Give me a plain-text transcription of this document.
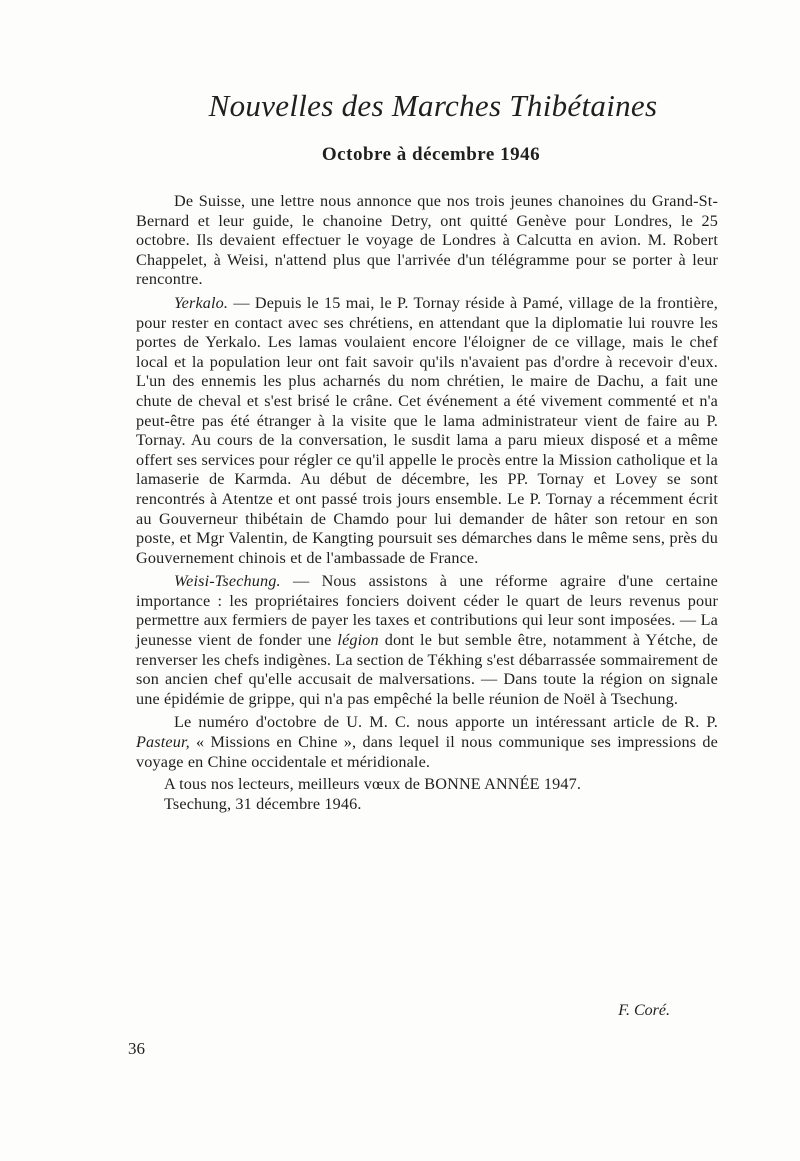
Nouvelles des Marches Thibétaines
Octobre à décembre 1946

De Suisse, une lettre nous annonce que nos trois jeunes chanoines du Grand-St-Bernard et leur guide, le chanoine Detry, ont quitté Genève pour Londres, le 25 octobre. Ils devaient effectuer le voyage de Londres à Calcutta en avion. M. Robert Chappelet, à Weisi, n'attend plus que l'arrivée d'un télégramme pour se porter à leur rencontre.

Yerkalo. — Depuis le 15 mai, le P. Tornay réside à Pamé, village de la frontière, pour rester en contact avec ses chrétiens, en attendant que la diplomatie lui rouvre les portes de Yerkalo. Les lamas voulaient encore l'éloigner de ce village, mais le chef local et la population leur ont fait savoir qu'ils n'avaient pas d'ordre à recevoir d'eux. L'un des ennemis les plus acharnés du nom chrétien, le maire de Dachu, a fait une chute de cheval et s'est brisé le crâne. Cet événement a été vivement commenté et n'a peut-être pas été étranger à la visite que le lama administrateur vient de faire au P. Tornay. Au cours de la conversation, le susdit lama a paru mieux disposé et a même offert ses services pour régler ce qu'il appelle le procès entre la Mission catholique et la lamaserie de Karmda. Au début de décembre, les PP. Tornay et Lovey se sont rencontrés à Atentze et ont passé trois jours ensemble. Le P. Tornay a récemment écrit au Gouverneur thibétain de Chamdo pour lui demander de hâter son retour en son poste, et Mgr Valentin, de Kangting poursuit ses démarches dans le même sens, près du Gouvernement chinois et de l'ambassade de France.

Weisi-Tsechung. — Nous assistons à une réforme agraire d'une certaine importance : les propriétaires fonciers doivent céder le quart de leurs revenus pour permettre aux fermiers de payer les taxes et contributions qui leur sont imposées. — La jeunesse vient de fonder une légion dont le but semble être, notamment à Yétche, de renverser les chefs indigènes. La section de Tékhing s'est débarrassée sommairement de son ancien chef qu'elle accusait de malversations. — Dans toute la région on signale une épidémie de grippe, qui n'a pas empêché la belle réunion de Noël à Tsechung.

Le numéro d'octobre de U. M. C. nous apporte un intéressant article de R. P. Pasteur, « Missions en Chine », dans lequel il nous communique ses impressions de voyage en Chine occidentale et méridionale.

A tous nos lecteurs, meilleurs vœux de BONNE ANNÉE 1947.

Tsechung, 31 décembre 1946.

F. Coré.

36
